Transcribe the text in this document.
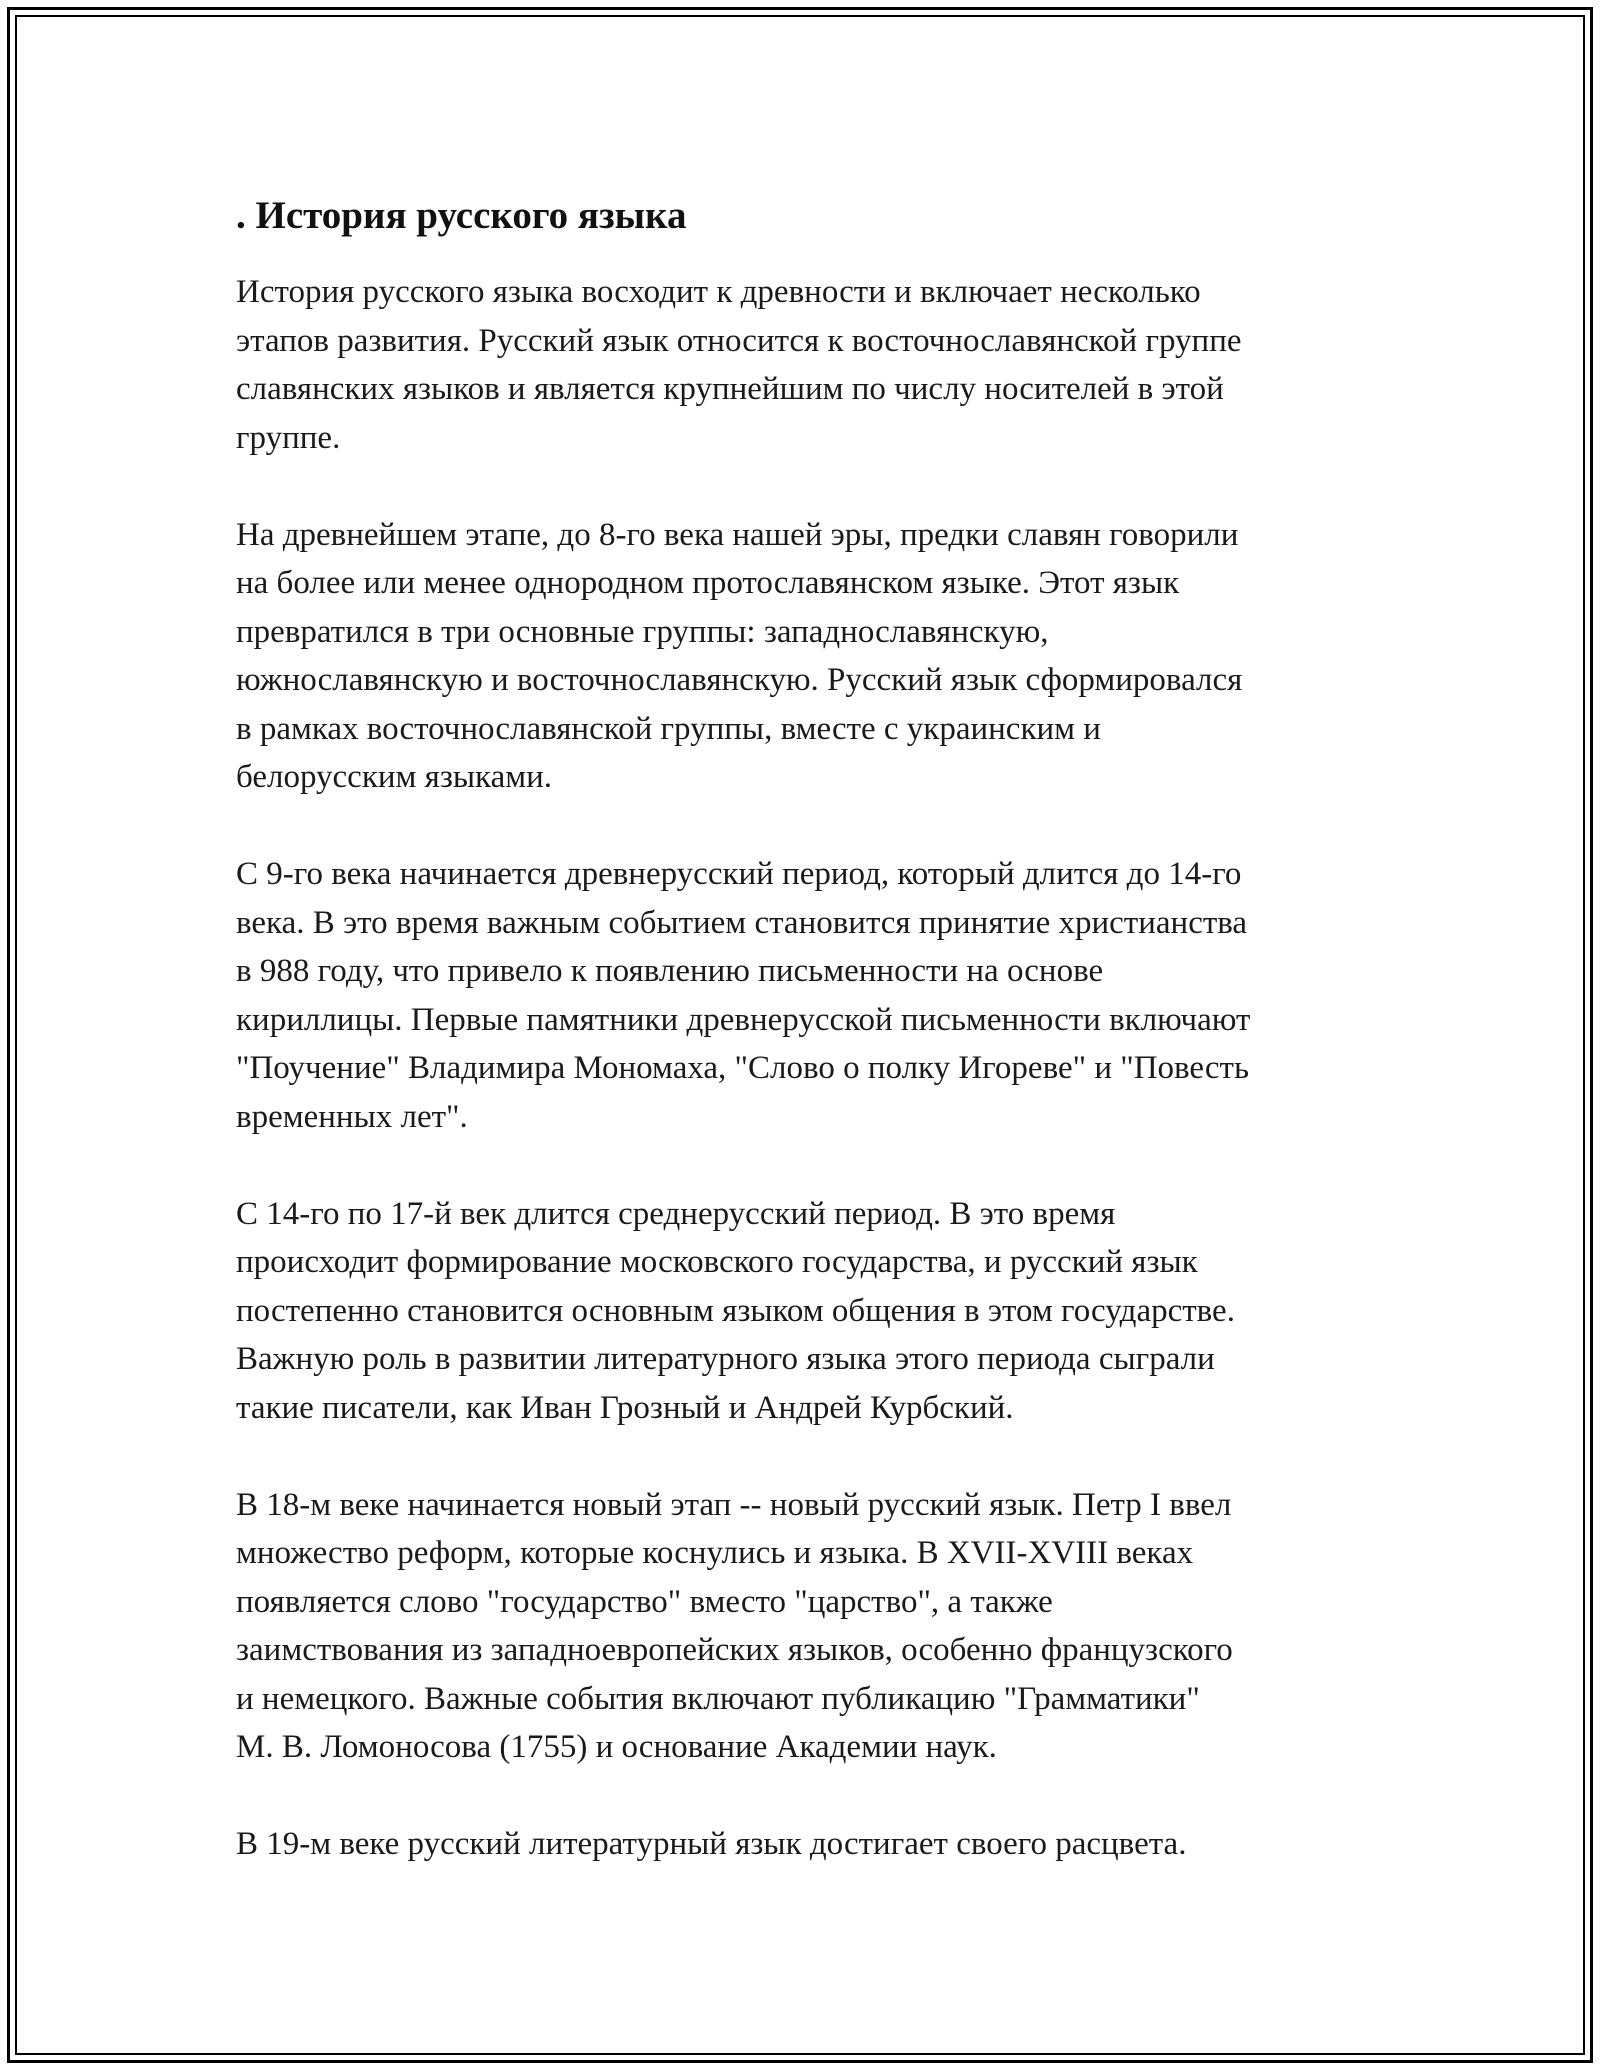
. История русского языка

История русского языка восходит к древности и включает несколько
этапов развития. Русский язык относится к восточнославянской группе
славянских языков и является крупнейшим по числу носителей в этой
группе.

На древнейшем этапе, до 8-го века нашей эры, предки славян говорили
на более или менее однородном протославянском языке. Этот язык
превратился в три основные группы: западнославянскую,
южнославянскую и восточнославянскую. Русский язык сформировался
в рамках восточнославянской группы, вместе с украинским и
белорусским языками.

С 9-го века начинается древнерусский период, который длится до 14-го
века. В это время важным событием становится принятие христианства
в 988 году, что привело к появлению письменности на основе
кириллицы. Первые памятники древнерусской письменности включают
"Поучение" Владимира Мономаха, "Слово о полку Игореве" и "Повесть
временных лет".

С 14-го по 17-й век длится среднерусский период. В это время
происходит формирование московского государства, и русский язык
постепенно становится основным языком общения в этом государстве.
Важную роль в развитии литературного языка этого периода сыграли
такие писатели, как Иван Грозный и Андрей Курбский.

В 18-м веке начинается новый этап -- новый русский язык. Петр I ввел
множество реформ, которые коснулись и языка. В XVII-XVIII веках
появляется слово "государство" вместо "царство", а также
заимствования из западноевропейских языков, особенно французского
и немецкого. Важные события включают публикацию "Грамматики"
М. В. Ломоносова (1755) и основание Академии наук.

В 19-м веке русский литературный язык достигает своего расцвета.
